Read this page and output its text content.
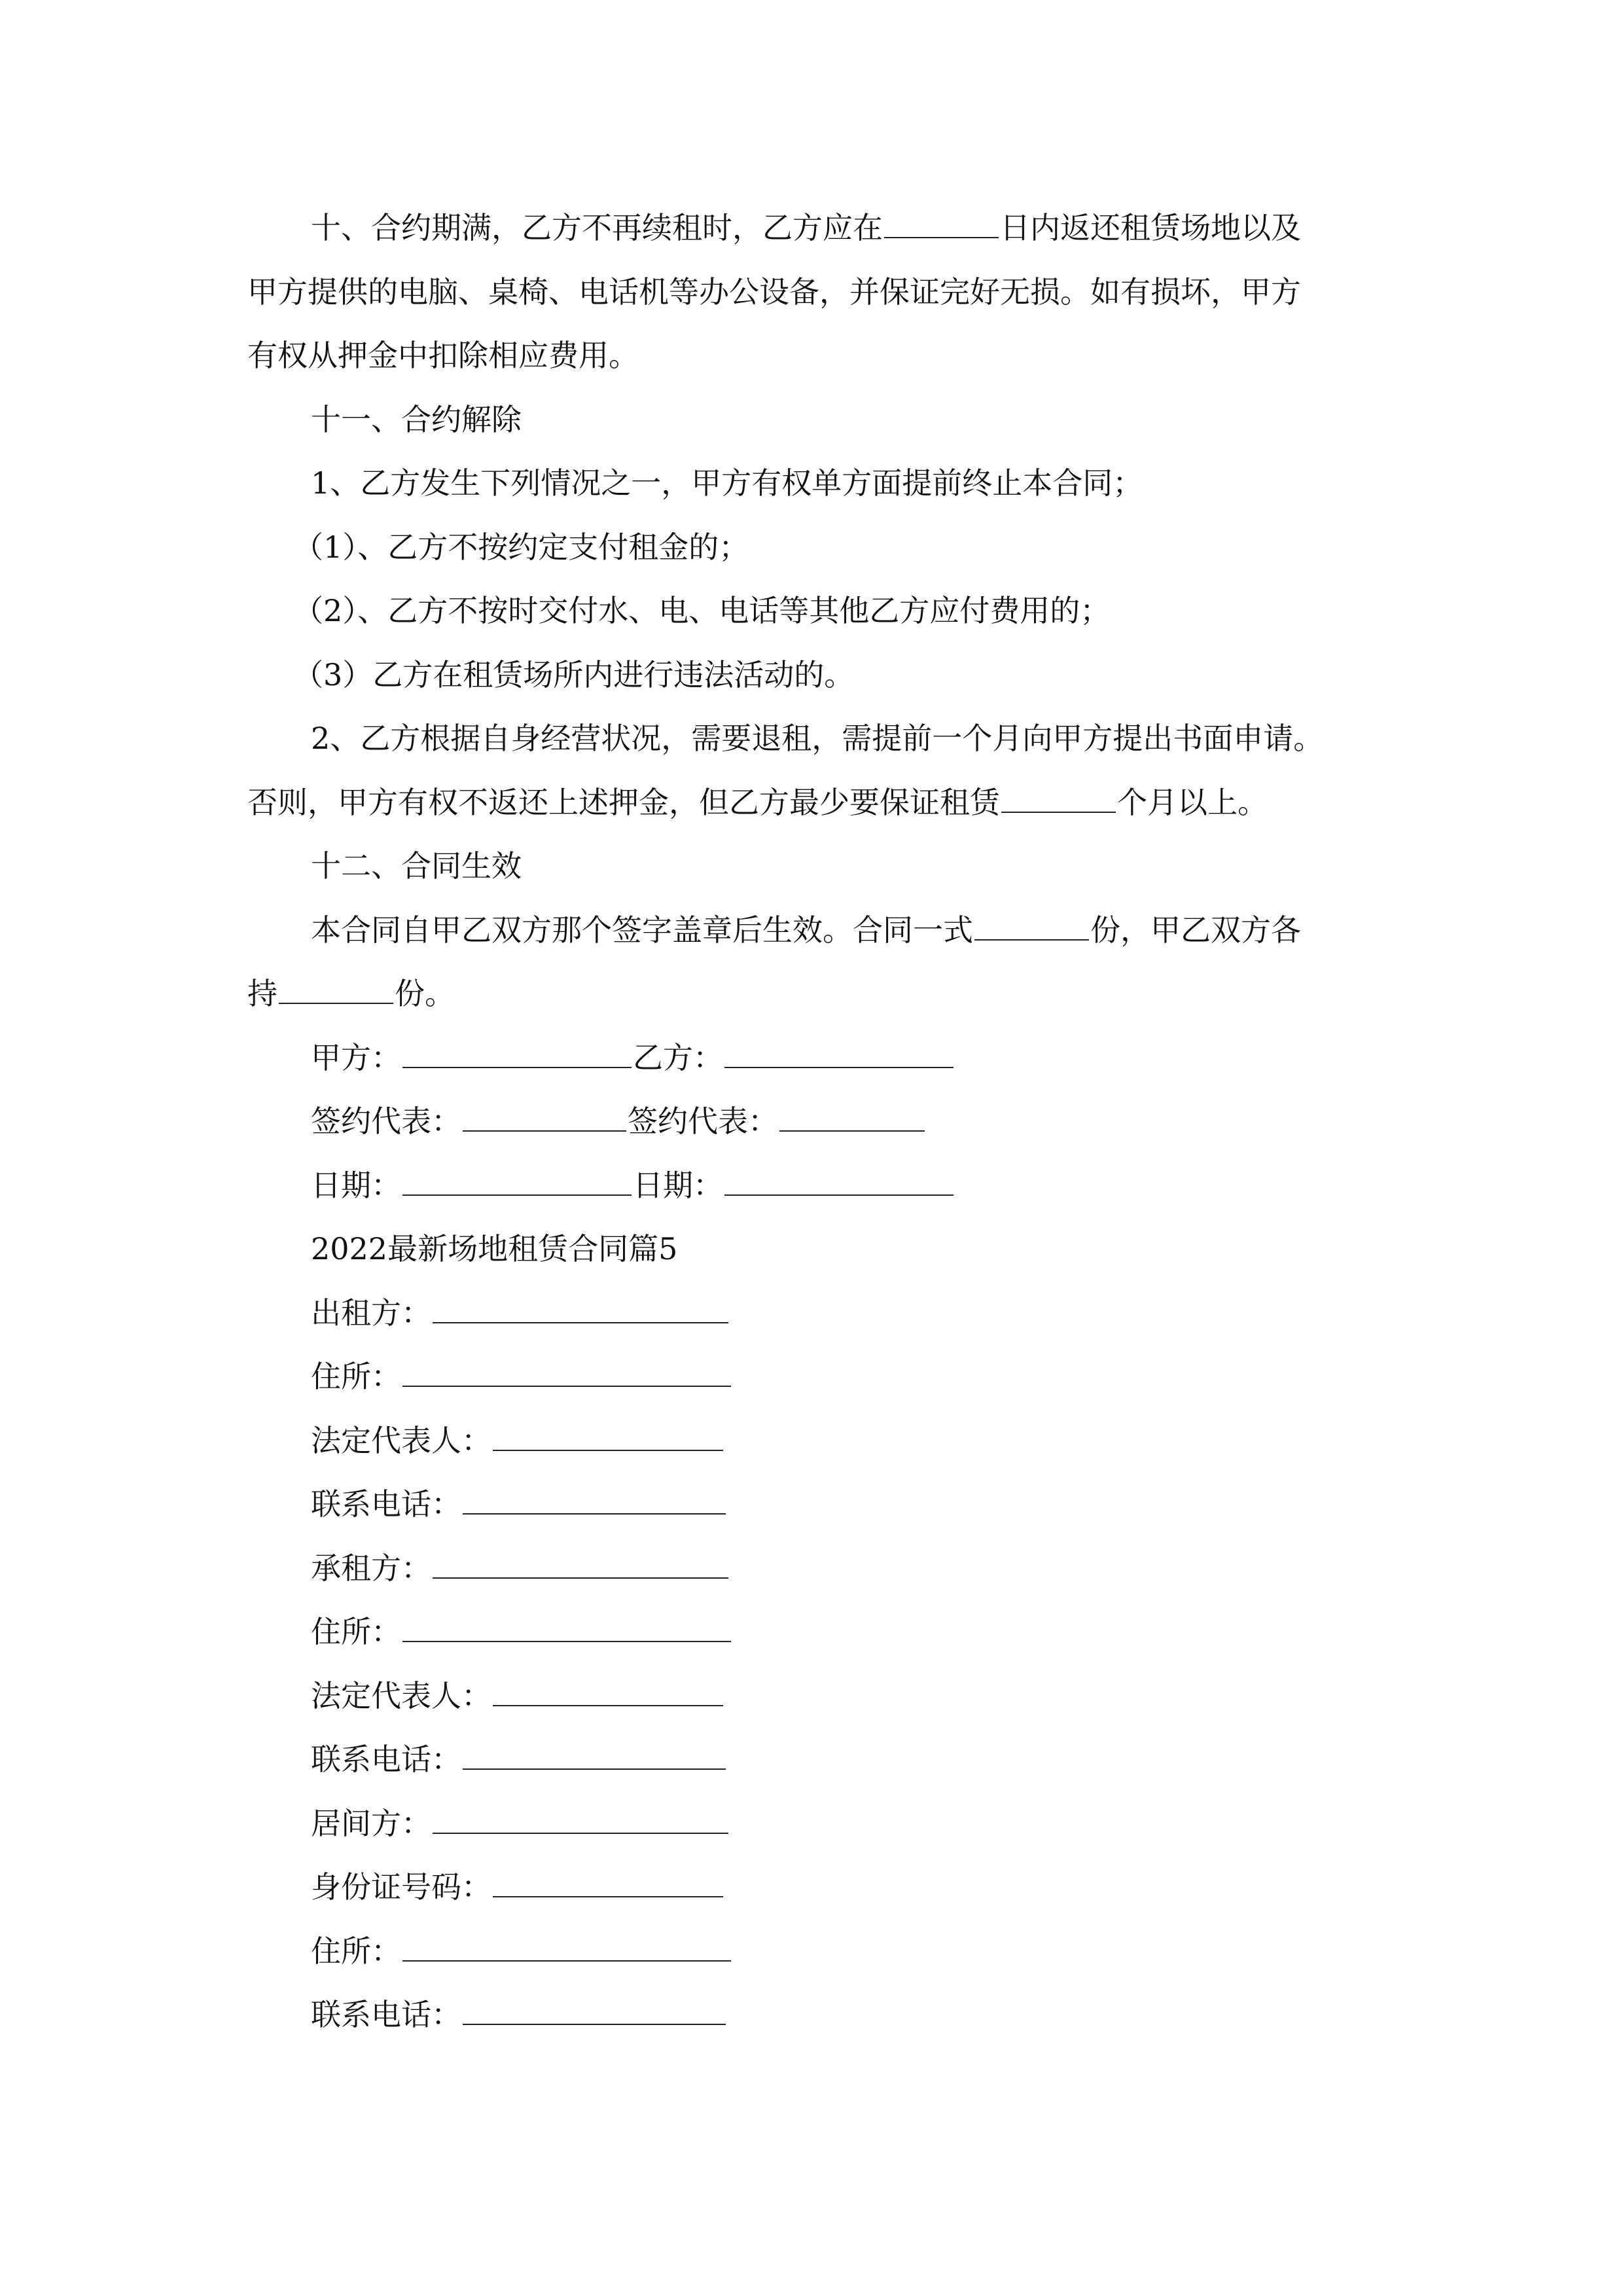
十、合约期满，乙方不再续租时，乙方应在	日内返还租赁场地以及

甲方提供的电脑、桌椅、电话机等办公设备，并保证完好无损。如有损坏，甲方

有权从押金中扣除相应费用。

十一、合约解除

1、乙方发生下列情况之一，甲方有权单方面提前终止本合同；

（1）、乙方不按约定支付租金的；

（2）、乙方不按时交付水、电、电话等其他乙方应付费用的；

（3）乙方在租赁场所内进行违法活动的。

2、乙方根据自身经营状况，需要退租，需提前一个月向甲方提出书面申请。

否则，甲方有权不返还上述押金，但乙方最少要保证租赁	个月以上。

十二、合同生效

本合同自甲乙双方那个签字盖章后生效。合同一式	份，甲乙双方各

持	份。

甲方：	乙方：

签约代表：	签约代表：

日期：	日期：

2022最新场地租赁合同篇5

出租方：

住所：

法定代表人：

联系电话：

承租方：

住所：

法定代表人：

联系电话：

居间方：

身份证号码：

住所：

联系电话：
